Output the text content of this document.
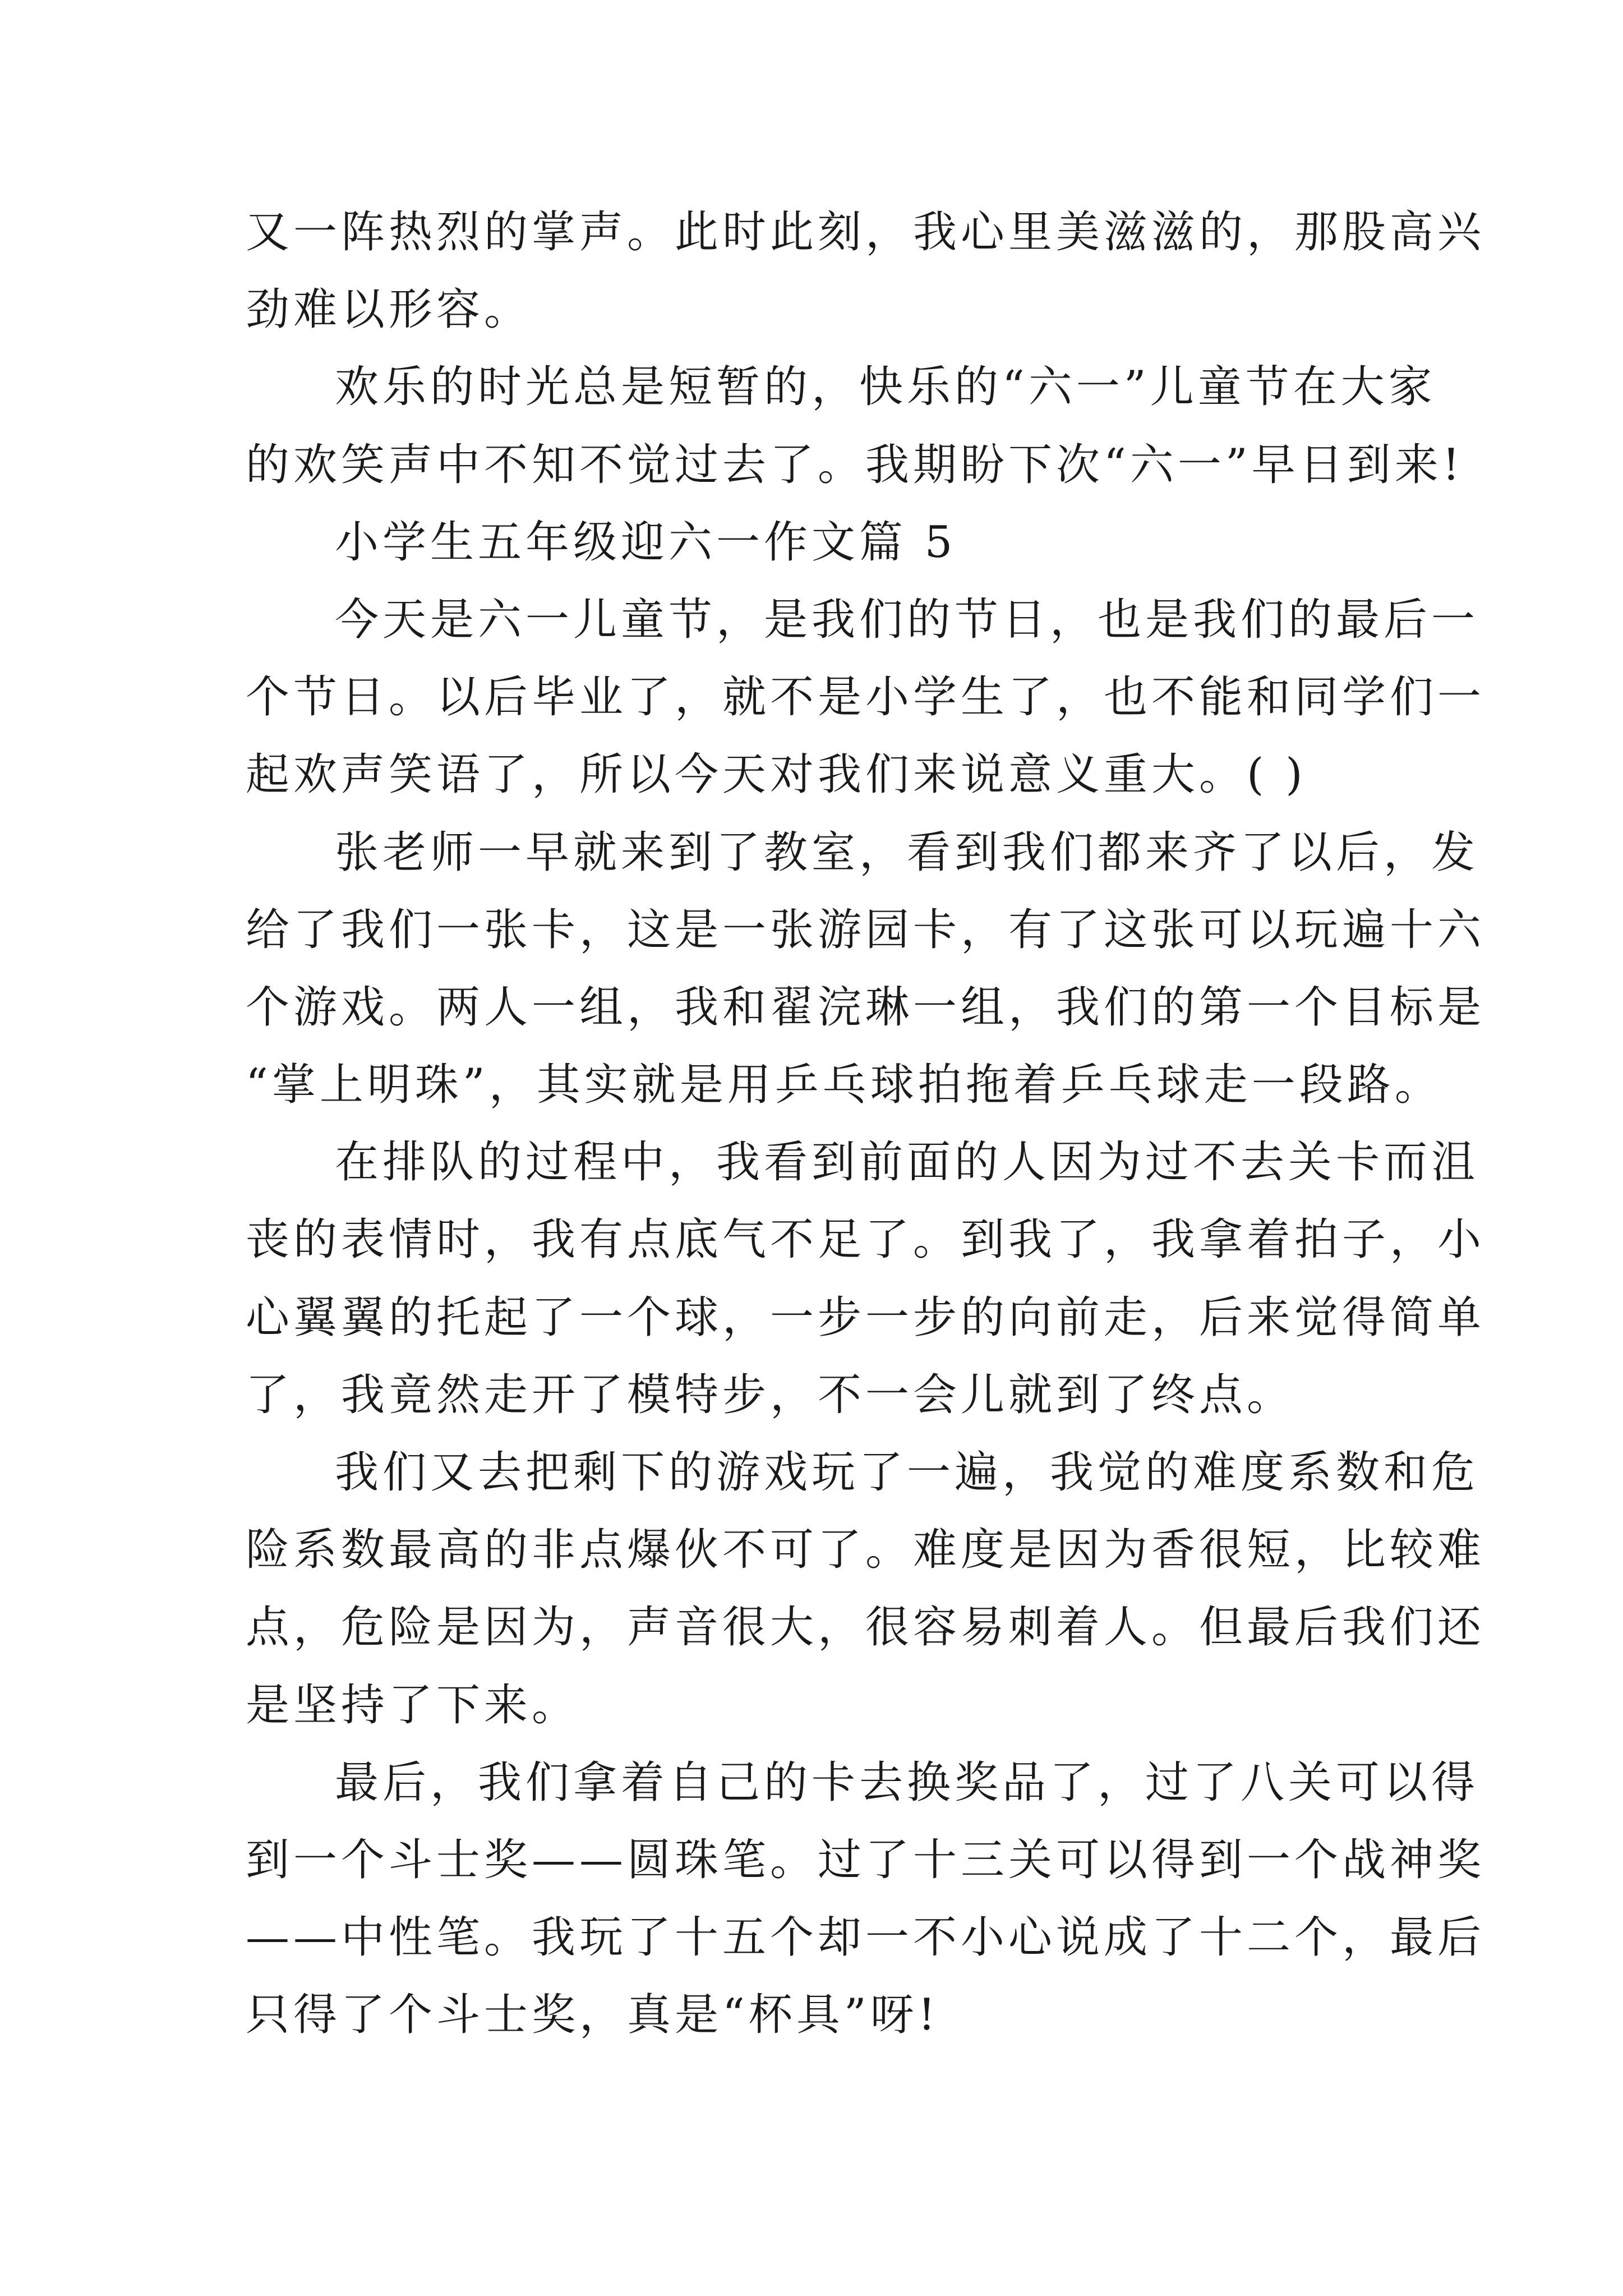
又一阵热烈的掌声。此时此刻，我心里美滋滋的，那股高兴
劲难以形容。
欢乐的时光总是短暂的，快乐的“六一”儿童节在大家
的欢笑声中不知不觉过去了。我期盼下次“六一”早日到来!
小学生五年级迎六一作文篇 5
今天是六一儿童节，是我们的节日，也是我们的最后一
个节日。以后毕业了，就不是小学生了，也不能和同学们一
起欢声笑语了，所以今天对我们来说意义重大。( )
张老师一早就来到了教室，看到我们都来齐了以后，发
给了我们一张卡，这是一张游园卡，有了这张可以玩遍十六
个游戏。两人一组，我和翟浣琳一组，我们的第一个目标是
“掌上明珠”，其实就是用乒乓球拍拖着乒乓球走一段路。
在排队的过程中，我看到前面的人因为过不去关卡而沮
丧的表情时，我有点底气不足了。到我了，我拿着拍子，小
心翼翼的托起了一个球，一步一步的向前走，后来觉得简单
了，我竟然走开了模特步，不一会儿就到了终点。
我们又去把剩下的游戏玩了一遍，我觉的难度系数和危
险系数最高的非点爆伙不可了。难度是因为香很短，比较难
点，危险是因为，声音很大，很容易刺着人。但最后我们还
是坚持了下来。
最后，我们拿着自己的卡去换奖品了，过了八关可以得
到一个斗士奖——圆珠笔。过了十三关可以得到一个战神奖
——中性笔。我玩了十五个却一不小心说成了十二个，最后
只得了个斗士奖，真是“杯具”呀!
